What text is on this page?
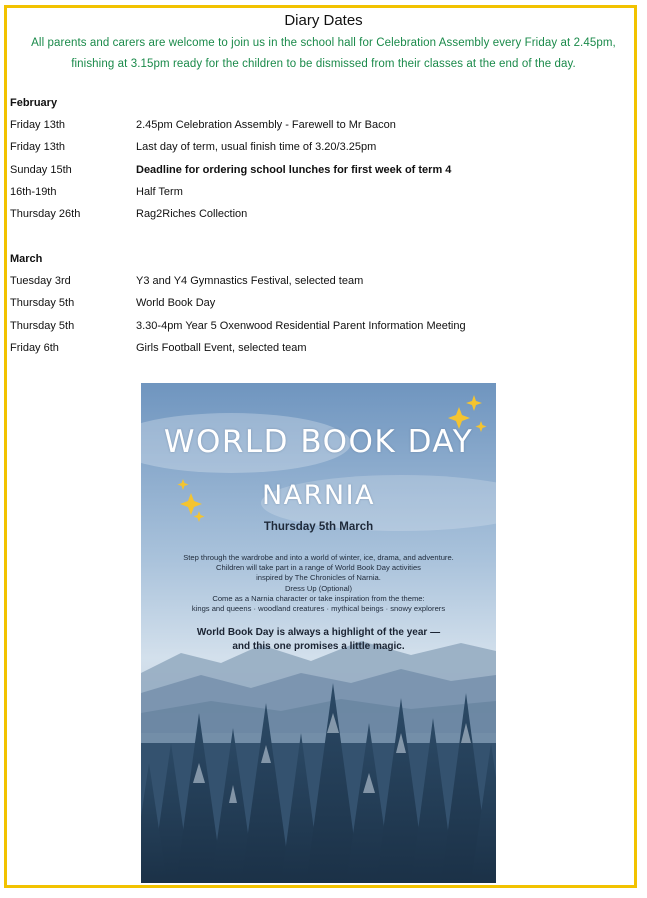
Diary Dates
All parents and carers are welcome to join us in the school hall for Celebration Assembly every Friday at 2.45pm,
finishing at 3.15pm ready for the children to be dismissed from their classes at the end of the day.
February
Friday 13th	2.45pm Celebration Assembly - Farewell to Mr Bacon
Friday 13th	Last day of term, usual finish time of 3.20/3.25pm
Sunday 15th	Deadline for ordering school lunches for first week of term 4
16th-19th	Half Term
Thursday 26th	Rag2Riches Collection
March
Tuesday 3rd	Y3 and Y4 Gymnastics Festival, selected team
Thursday 5th	World Book Day
Thursday 5th	3.30-4pm Year 5 Oxenwood Residential Parent Information Meeting
Friday 6th	Girls Football Event, selected team
WORLD BOOK DAY
NARNIA
Thursday 5th March
Step through the wardrobe and into a world of winter, ice, drama, and adventure.
Children will take part in a range of World Book Day activities
inspired by The Chronicles of Narnia.
Dress Up (Optional)
Come as a Narnia character or take inspiration from the theme:
kings and queens · woodland creatures · mythical beings · snowy explorers
World Book Day is always a highlight of the year —
and this one promises a little magic.
